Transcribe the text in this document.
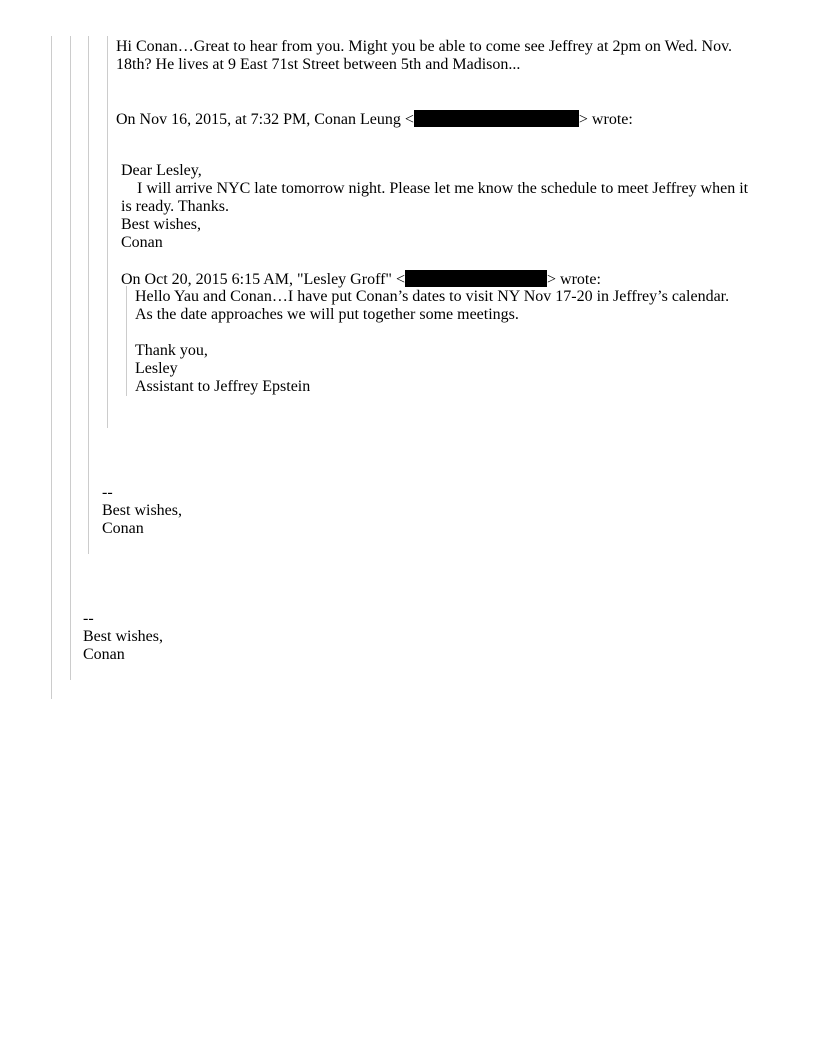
Hi Conan…Great to hear from you. Might you be able to come see Jeffrey at 2pm on Wed. Nov.

18th? He lives at 9 East 71st Street between 5th and Madison...

On Nov 16, 2015, at 7:32 PM, Conan Leung <	> wrote:

Dear Lesley,

I will arrive NYC late tomorrow night. Please let me know the schedule to meet Jeffrey when it

is ready. Thanks.

Best wishes,

Conan

On Oct 20, 2015 6:15 AM, "Lesley Groff" <	> wrote:

Hello Yau and Conan…I have put Conan’s dates to visit NY Nov 17-20 in Jeffrey’s calendar.

As the date approaches we will put together some meetings.

Thank you,

Lesley

Assistant to Jeffrey Epstein

--

Best wishes,

Conan

--

Best wishes,

Conan
